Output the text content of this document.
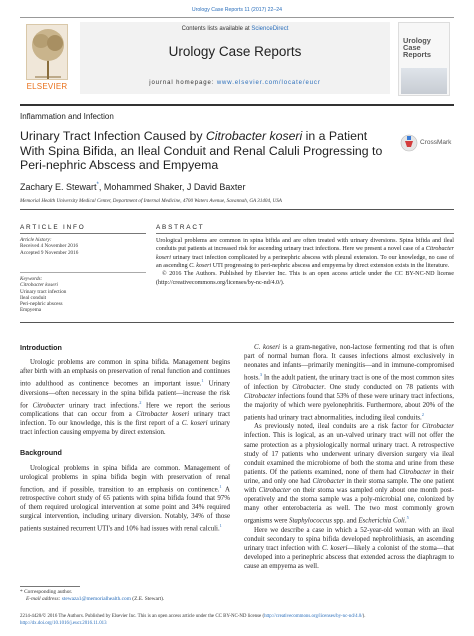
Urology Case Reports 11 (2017) 22–24
ELSEVIER
Contents lists available at ScienceDirect
Urology Case Reports
journal homepage: www.elsevier.com/locate/eucr
Urology
Case
Reports
Inflammation and Infection
Urinary Tract Infection Caused by Citrobacter koseri in a Patient With Spina Bifida, an Ileal Conduit and Renal Caluli Progressing to Peri-nephric Abscess and Empyema
CrossMark
Zachary E. Stewart*, Mohammed Shaker, J David Baxter
Memorial Health University Medical Center, Department of Internal Medicine, 4700 Waters Avenue, Savannah, GA 31404, USA
ARTICLE INFO
Article history:
Received 4 November 2016
Accepted 9 November 2016
Keywords:
Citrobacter koseri
Urinary tract infection
Ileal conduit
Peri-nephric abscess
Empyema
ABSTRACT
Urological problems are common in spina bifida and are often treated with urinary diversions. Spina bifida and ileal conduits put patients at increased risk for ascending urinary tract infections. Here we present a novel case of a Citrobacter koseri urinary tract infection complicated by a perinephric abscess with pleural extension. To our knowledge, no case of an ascending C. koseri UTI progressing to peri-nephric abscess and empyema by direct extension exists in the literature.
© 2016 The Authors. Published by Elsevier Inc. This is an open access article under the CC BY-NC-ND license (http://creativecommons.org/licenses/by-nc-nd/4.0/).
Introduction

Urologic problems are common in spina bifida. Management begins after birth with an emphasis on preservation of renal function and continues into adulthood as continence becomes an important issue.$^1$ Urinary diversions—often necessary in the spina bifida patient—increase the risk for Citrobacter urinary tract infections.$^2$ Here we report the serious complications that can occur from a Citrobacter koseri urinary tract infection. To our knowledge, this is the first report of a C. koseri urinary tract infection causing empyema by direct extension.

Background

Urological problems in spina bifida are common. Management of urological problems in spina bifida begin with preservation of renal function, and if possible, transition to an emphasis on continence.$^1$ A retrospective cohort study of 65 patients with spina bifida found that 97% of them required urological intervention at some point and 34% required surgical intervention, including urinary diversion. Notably, 34% of those patients sustained recurrent UTI's and 10% had issues with renal calculi.$^1$

* Corresponding author.
E-mail address: stewaza1@memorialhealth.com (Z.E. Stewart).

C. koseri is a gram-negative, non-lactose fermenting rod that is often part of normal human flora. It causes infections almost exclusively in neonates and infants—primarily meningitis—and in immune-compromised hosts.$^3$ In the adult patient, the urinary tract is one of the most common sites of infection by Citrobacter. One study conducted on 78 patients with Citrobacter infections found that 53% of these were urinary tract infections, the majority of which were pyelonephritis. Furthermore, about 20% of the patients had urinary tract abnormalities, including ileal conduits.$^2$

As previously noted, ileal conduits are a risk factor for Citrobacter infection. This is logical, as an un-valved urinary tract will not offer the same protection as a physiologically normal urinary tract. A retrospective study of 17 patients who underwent urinary diversion surgery via ileal conduit examined the microbiome of both the stoma and urine from these patients. Of the patients examined, none of them had Citrobacter in their urine, and only one had Citrobacter in their stoma sample. The one patient with Citrobacter on their stoma was sampled only about one month post-operatively and the stoma sample was a poly-microbial one, colonized by many other enterobacteria as well. The two most commonly grown organisms were Staphylococcus spp. and Escherichia Coli.$^5$

Here we describe a case in which a 52-year-old woman with an ileal conduit secondary to spina bifida developed nephrolithiasis, an ascending urinary tract infection with C. koseri—likely a colonist of the stoma—that developed into a perinephric abscess that extended across the diaphragm to cause an empyema as well.

2214-4420/© 2016 The Authors. Published by Elsevier Inc. This is an open access article under the CC BY-NC-ND license (http://creativecommons.org/licenses/by-nc-nd/4.0/).
http://dx.doi.org/10.1016/j.eucr.2016.11.013
